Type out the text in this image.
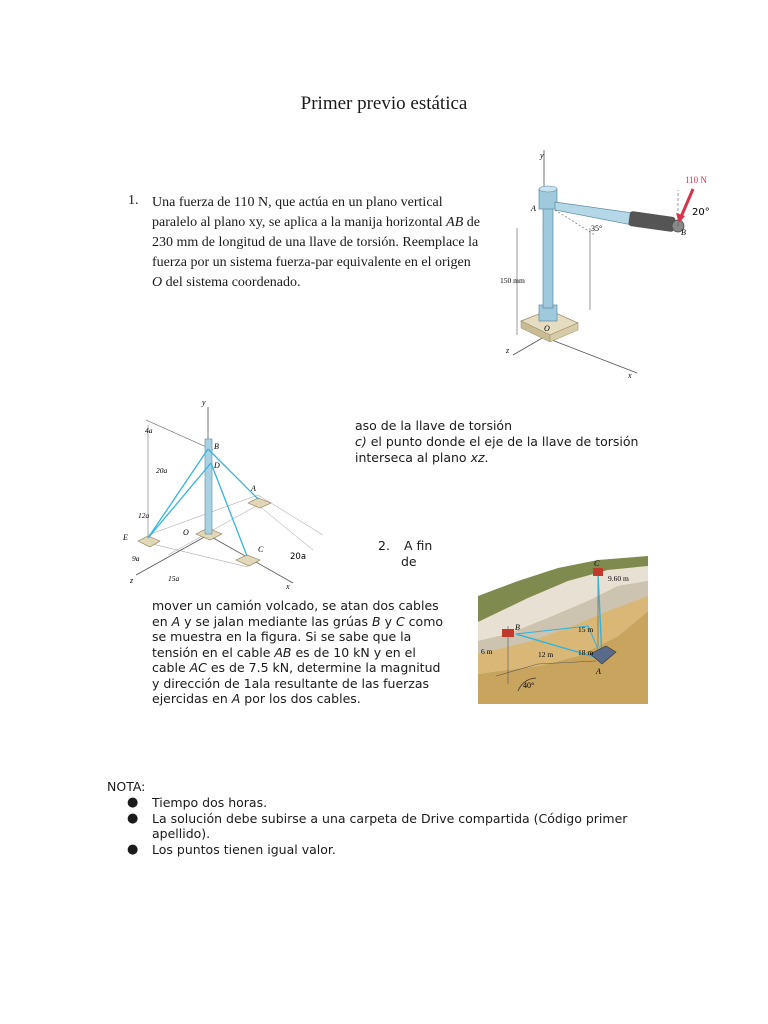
Primer previo estática
1. Una fuerza de 110 N, que actúa en un plano vertical paralelo al plano xy, se aplica a la manija horizontal AB de 230 mm de longitud de una llave de torsión. Reemplace la fuerza por un sistema fuerza-par equivalente en el origen O del sistema coordenado.
y
x
z
A
B
O
110 N
20°
35°
150 mm
y
x
z
B
D
A
C
E
O
4a
20a
12a
9a
15a
20a
aso de la llave de torsión
c) el punto donde el eje de la llave de torsión interseca al plano xz.
2. A fin
de
mover un camión volcado, se atan dos cables en A y se jalan mediante las grúas B y C como se muestra en la figura. Si se sabe que la tensión en el cable AB es de 10 kN y en el cable AC es de 7.5 kN, determine la magnitud y dirección de 1ala resultante de las fuerzas ejercidas en A por los dos cables.
C
B
A
9.60 m
15 m
18 m
12 m
6 m
40°
NOTA:
● Tiempo dos horas.
● La solución debe subirse a una carpeta de Drive compartida (Código primer apellido).
● Los puntos tienen igual valor.
